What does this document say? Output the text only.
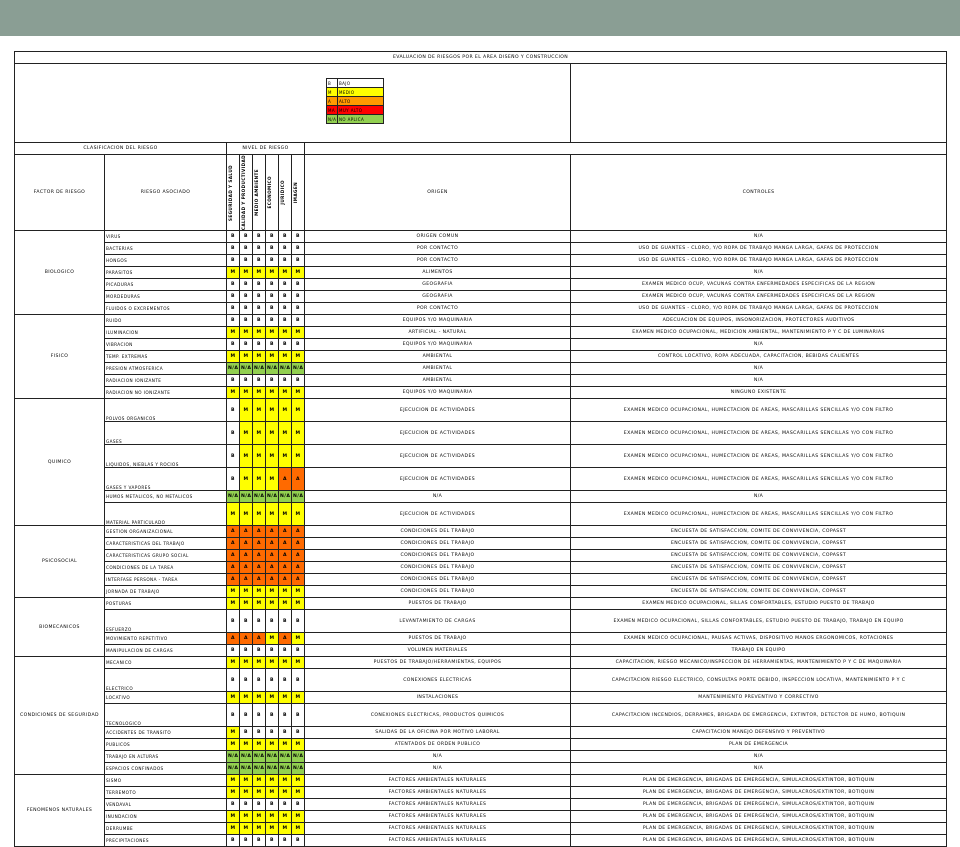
EVALUACION DE RIESGOS POR EL AREA DISEÑO Y CONSTRUCCION

B	BAJO
M	MEDIO
A	ALTO
MA	MUY ALTO
N/A	NO APLICA

CLASIFICACION DEL RIESGO	NIVEL DE RIESGO	
FACTOR DE RIESGO	RIESGO ASOCIADO	SEGURIDAD Y SALUD	CALIDAD Y PRODUCTIVIDAD	MEDIO AMBIENTE	ECONOMICO	JURIDICO	IMAGEN	ORIGEN	CONTROLES
BIOLOGICO	VIRUS	B	B	B	B	B	B	ORIGEN COMUN	N/A
BACTERIAS	B	B	B	B	B	B	POR CONTACTO	USO DE GUANTES - CLORO, Y/O ROPA DE TRABAJO MANGA LARGA, GAFAS DE PROTECCION
HONGOS	B	B	B	B	B	B	POR CONTACTO	USO DE GUANTES - CLORO, Y/O ROPA DE TRABAJO MANGA LARGA, GAFAS DE PROTECCION
PARASITOS	M	M	M	M	M	M	ALIMENTOS	N/A
PICADURAS	B	B	B	B	B	B	GEOGRAFIA	EXAMEN MEDICO OCUP, VACUNAS CONTRA ENFERMEDADES ESPECIFICAS DE LA REGION
MORDEDURAS	B	B	B	B	B	B	GEOGRAFIA	EXAMEN MEDICO OCUP, VACUNAS CONTRA ENFERMEDADES ESPECIFICAS DE LA REGION
FLUIDOS O EXCREMENTOS	B	B	B	B	B	B	POR CONTACTO	USO DE GUANTES - CLORO, Y/O ROPA DE TRABAJO MANGA LARGA, GAFAS DE PROTECCION
FISICO	RUIDO	B	B	B	B	B	B	EQUIPOS Y/O MAQUINARIA	ADECUACION DE EQUIPOS, INSONORIZACION, PROTECTORES AUDITIVOS
ILUMINACION	M	M	M	M	M	M	ARTIFICIAL - NATURAL	EXAMEN MEDICO OCUPACIONAL, MEDICION AMBIENTAL, MANTENIMIENTO P Y C DE LUMINARIAS
VIBRACION	B	B	B	B	B	B	EQUIPOS Y/O MAQUINARIA	N/A
TEMP. EXTREMAS	M	M	M	M	M	M	AMBIENTAL	CONTROL LOCATIVO, ROPA ADECUADA, CAPACITACION, BEBIDAS CALIENTES
PRESION ATMOSFERICA	N/A	N/A	N/A	N/A	N/A	N/A	AMBIENTAL	N/A
RADIACION IONIZANTE	B	B	B	B	B	B	AMBIENTAL	N/A
RADIACION NO IONIZANTE	M	M	M	M	M	M	EQUIPOS Y/O MAQUINARIA	NINGUNO EXISTENTE
QUIMICO	POLVOS ORGANICOS	B	M	M	M	M	M	EJECUCION DE ACTIVIDADES	EXAMEN MEDICO OCUPACIONAL, HUMECTACION DE AREAS, MASCARILLAS SENCILLAS Y/O CON FILTRO
GASES	B	M	M	M	M	M	EJECUCION DE ACTIVIDADES	EXAMEN MEDICO OCUPACIONAL, HUMECTACION DE AREAS, MASCARILLAS SENCILLAS Y/O CON FILTRO
LIQUIDOS, NIEBLAS Y ROCIOS	B	M	M	M	M	M	EJECUCION DE ACTIVIDADES	EXAMEN MEDICO OCUPACIONAL, HUMECTACION DE AREAS, MASCARILLAS SENCILLAS Y/O CON FILTRO
GASES Y VAPORES	B	M	M	M	A	A	EJECUCION DE ACTIVIDADES	EXAMEN MEDICO OCUPACIONAL, HUMECTACION DE AREAS, MASCARILLAS SENCILLAS Y/O CON FILTRO
HUMOS METALICOS, NO METALICOS	N/A	N/A	N/A	N/A	N/A	N/A	N/A	N/A
MATERIAL PARTICULADO	M	M	M	M	M	M	EJECUCION DE ACTIVIDADES	EXAMEN MEDICO OCUPACIONAL, HUMECTACION DE AREAS, MASCARILLAS SENCILLAS Y/O CON FILTRO
PSICOSOCIAL	GESTION ORGANIZACIONAL	A	A	A	A	A	A	CONDICIONES DEL TRABAJO	ENCUESTA DE SATISFACCION, COMITE DE CONVIVENCIA, COPASST
CARACTERISTICAS DEL TRABAJO	A	A	A	A	A	A	CONDICIONES DEL TRABAJO	ENCUESTA DE SATISFACCION, COMITE DE CONVIVENCIA, COPASST
CARACTERISTICAS GRUPO SOCIAL	A	A	A	A	A	A	CONDICIONES DEL TRABAJO	ENCUESTA DE SATISFACCION, COMITE DE CONVIVENCIA, COPASST
CONDICIONES DE LA TAREA	A	A	A	A	A	A	CONDICIONES DEL TRABAJO	ENCUESTA DE SATISFACCION, COMITE DE CONVIVENCIA, COPASST
INTERFASE PERSONA - TAREA	A	A	A	A	A	A	CONDICIONES DEL TRABAJO	ENCUESTA DE SATISFACCION, COMITE DE CONVIVENCIA, COPASST
JORNADA DE TRABAJO	M	M	M	M	M	M	CONDICIONES DEL TRABAJO	ENCUESTA DE SATISFACCION, COMITE DE CONVIVENCIA, COPASST
BIOMECANICOS	POSTURAS	M	M	M	M	M	M	PUESTOS DE TRABAJO	EXAMEN MEDICO OCUPACIONAL, SILLAS CONFORTABLES, ESTUDIO PUESTO DE TRABAJO
ESFUERZO	B	B	B	B	B	B	LEVANTAMIENTO DE CARGAS	EXAMEN MEDICO OCUPACIONAL, SILLAS CONFORTABLES, ESTUDIO PUESTO DE TRABAJO, TRABAJO EN EQUIPO
MOVIMIENTO REPETITIVO	A	A	A	M	A	M	PUESTOS DE TRABAJO	EXAMEN MEDICO OCUPACIONAL, PAUSAS ACTIVAS, DISPOSITIVO MANOS ERGONOMICOS, ROTACIONES
MANIPULACION DE CARGAS	B	B	B	B	B	B	VOLUMEN MATERIALES	TRABAJO EN EQUIPO
CONDICIONES DE SEGURIDAD	MECANICO	M	M	M	M	M	M	PUESTOS DE TRABAJO/HERRAMIENTAS, EQUIPOS	CAPACITACION, RIESGO MECANICO/INSPECCION DE HERRAMIENTAS, MANTENIMIENTO P Y C DE MAQUINARIA
ELECTRICO	B	B	B	B	B	B	CONEXIONES ELECTRICAS	CAPACITACION RIESGO ELECTRICO, CONSULTAS PORTE DEBIDO, INSPECCION LOCATIVA, MANTENIMIENTO P Y C
LOCATIVO	M	M	M	M	M	M	INSTALACIONES	MANTENIMIENTO PREVENTIVO Y CORRECTIVO
TECNOLOGICO	B	B	B	B	B	B	CONEXIONES ELECTRICAS, PRODUCTOS QUIMICOS	CAPACITACION INCENDIOS, DERRAMES, BRIGADA DE EMERGENCIA, EXTINTOR, DETECTOR DE HUMO, BOTIQUIN
ACCIDENTES DE TRANSITO	M	B	B	B	B	B	SALIDAS DE LA OFICINA POR MOTIVO LABORAL	CAPACITACION MANEJO DEFENSIVO Y PREVENTIVO
PUBLICOS	M	M	M	M	M	M	ATENTADOS DE ORDEN PUBLICO	PLAN DE EMERGENCIA
TRABAJO EN ALTURAS	N/A	N/A	N/A	N/A	N/A	N/A	N/A	N/A
ESPACIOS CONFINADOS	N/A	N/A	N/A	N/A	N/A	N/A	N/A	N/A
FENOMENOS NATURALES	SISMO	M	M	M	M	M	M	FACTORES AMBIENTALES NATURALES	PLAN DE EMERGENCIA, BRIGADAS DE EMERGENCIA, SIMULACROS/EXTINTOR, BOTIQUIN
TERREMOTO	M	M	M	M	M	M	FACTORES AMBIENTALES NATURALES	PLAN DE EMERGENCIA, BRIGADAS DE EMERGENCIA, SIMULACROS/EXTINTOR, BOTIQUIN
VENDAVAL	B	B	B	B	B	B	FACTORES AMBIENTALES NATURALES	PLAN DE EMERGENCIA, BRIGADAS DE EMERGENCIA, SIMULACROS/EXTINTOR, BOTIQUIN
INUNDACION	M	M	M	M	M	M	FACTORES AMBIENTALES NATURALES	PLAN DE EMERGENCIA, BRIGADAS DE EMERGENCIA, SIMULACROS/EXTINTOR, BOTIQUIN
DERRUMBE	M	M	M	M	M	M	FACTORES AMBIENTALES NATURALES	PLAN DE EMERGENCIA, BRIGADAS DE EMERGENCIA, SIMULACROS/EXTINTOR, BOTIQUIN
PRECIPITACIONES	B	B	B	B	B	B	FACTORES AMBIENTALES NATURALES	PLAN DE EMERGENCIA, BRIGADAS DE EMERGENCIA, SIMULACROS/EXTINTOR, BOTIQUIN
